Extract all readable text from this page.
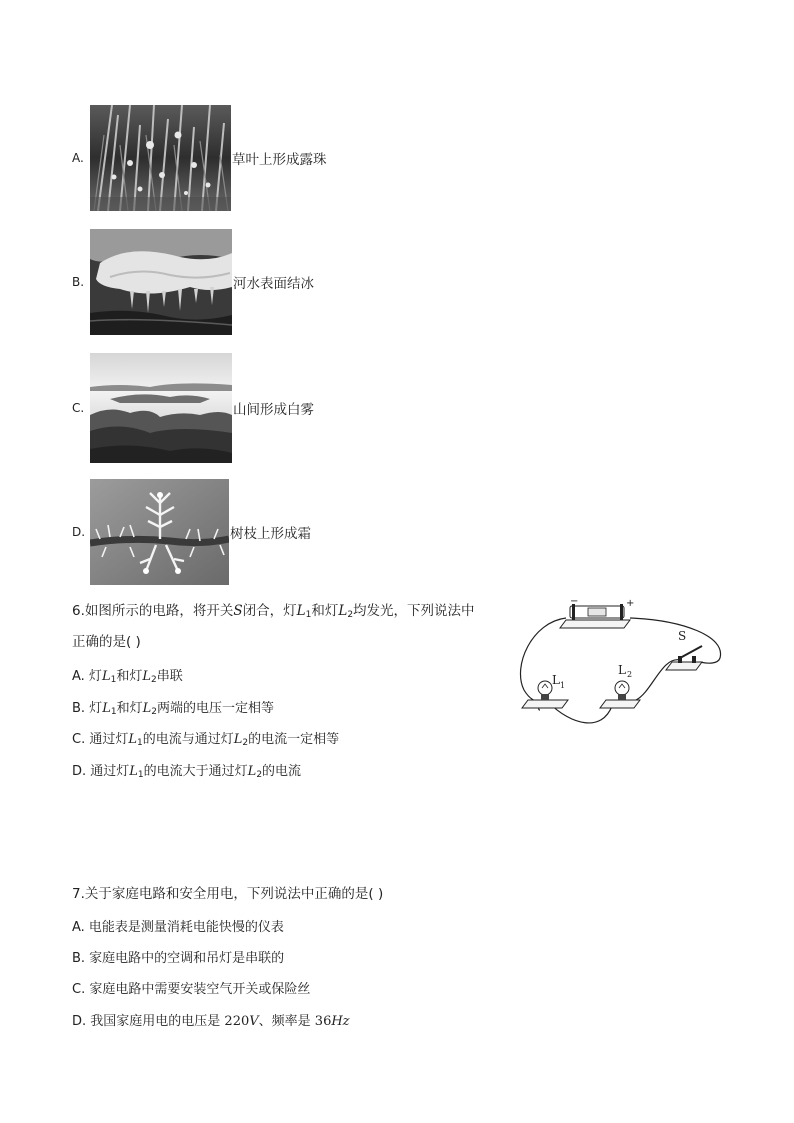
A.	草叶上形成露珠
B.	河水表面结冰
C.	山间形成白雾
D.	树枝上形成霜
6.如图所示的电路，将开关S闭合，灯$L_1$和灯$L_2$均发光，下列说法中
正确的是( )
A. 灯$L_1$和灯$L_2$串联
B. 灯$L_1$和灯$L_2$两端的电压一定相等
C. 通过灯$L_1$的电流与通过灯$L_2$的电流一定相等
D. 通过灯$L_1$的电流大于通过灯$L_2$的电流
−	+
S
L 1
L 2
7.关于家庭电路和安全用电，下列说法中正确的是( )
A. 电能表是测量消耗电能快慢的仪表
B. 家庭电路中的空调和吊灯是串联的
C. 家庭电路中需要安装空气开关或保险丝
D. 我国家庭用电的电压是 220V、频率是 36Hz
